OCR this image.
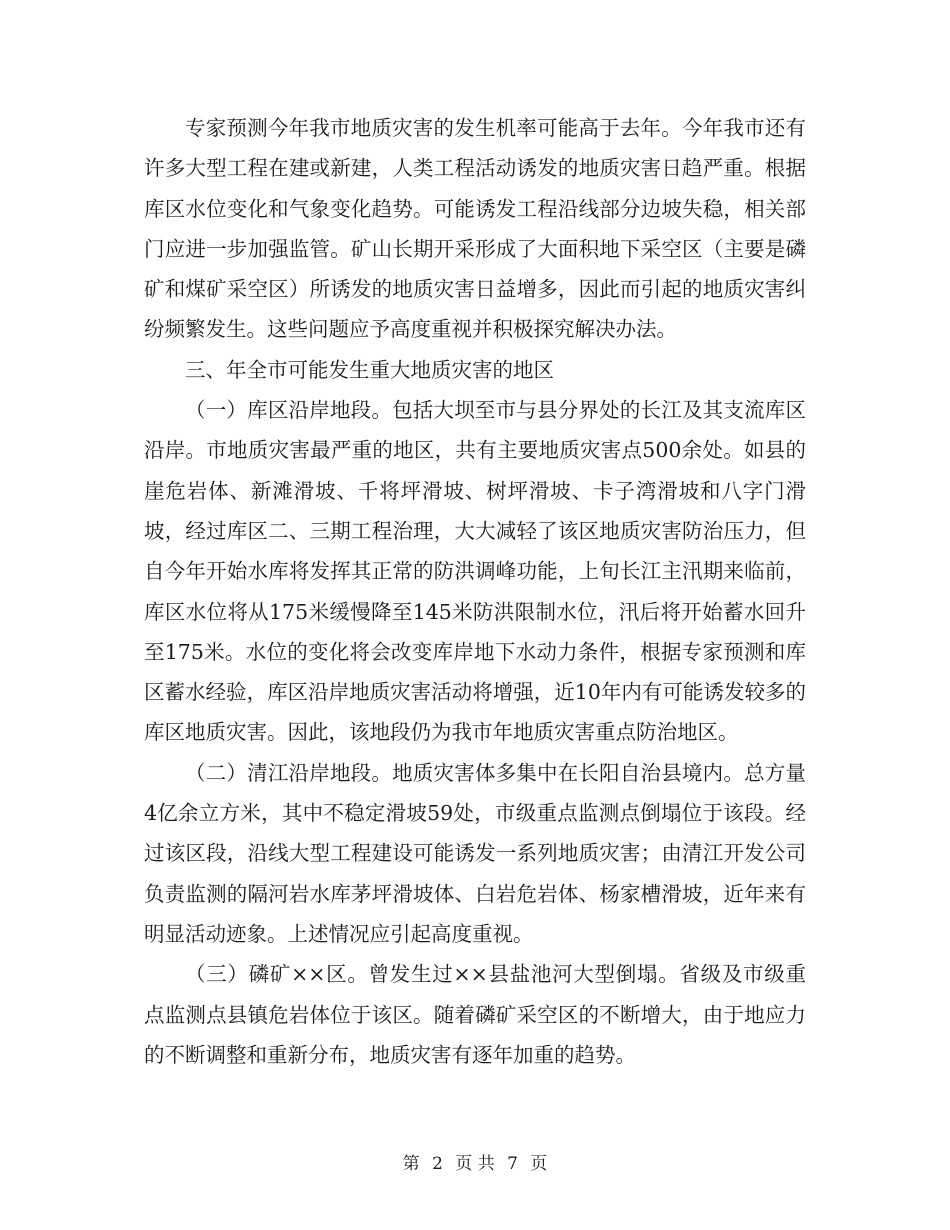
专家预测今年我市地质灾害的发生机率可能高于去年。今年我市还有许多大型工程在建或新建，人类工程活动诱发的地质灾害日趋严重。根据库区水位变化和气象变化趋势。可能诱发工程沿线部分边坡失稳，相关部门应进一步加强监管。矿山长期开采形成了大面积地下采空区（主要是磷矿和煤矿采空区）所诱发的地质灾害日益增多，因此而引起的地质灾害纠纷频繁发生。这些问题应予高度重视并积极探究解决办法。

三、年全市可能发生重大地质灾害的地区

（一）库区沿岸地段。包括大坝至市与县分界处的长江及其支流库区沿岸。市地质灾害最严重的地区，共有主要地质灾害点500余处。如县的崖危岩体、新滩滑坡、千将坪滑坡、树坪滑坡、卡子湾滑坡和八字门滑坡，经过库区二、三期工程治理，大大减轻了该区地质灾害防治压力，但自今年开始水库将发挥其正常的防洪调峰功能，上旬长江主汛期来临前，库区水位将从175米缓慢降至145米防洪限制水位，汛后将开始蓄水回升至175米。水位的变化将会改变库岸地下水动力条件，根据专家预测和库区蓄水经验，库区沿岸地质灾害活动将增强，近10年内有可能诱发较多的库区地质灾害。因此，该地段仍为我市年地质灾害重点防治地区。

（二）清江沿岸地段。地质灾害体多集中在长阳自治县境内。总方量4亿余立方米，其中不稳定滑坡59处，市级重点监测点倒塌位于该段。经过该区段，沿线大型工程建设可能诱发一系列地质灾害；由清江开发公司负责监测的隔河岩水库茅坪滑坡体、白岩危岩体、杨家槽滑坡，近年来有明显活动迹象。上述情况应引起高度重视。

（三）磷矿××区。曾发生过××县盐池河大型倒塌。省级及市级重点监测点县镇危岩体位于该区。随着磷矿采空区的不断增大，由于地应力的不断调整和重新分布，地质灾害有逐年加重的趋势。

第 2 页 共 7 页
